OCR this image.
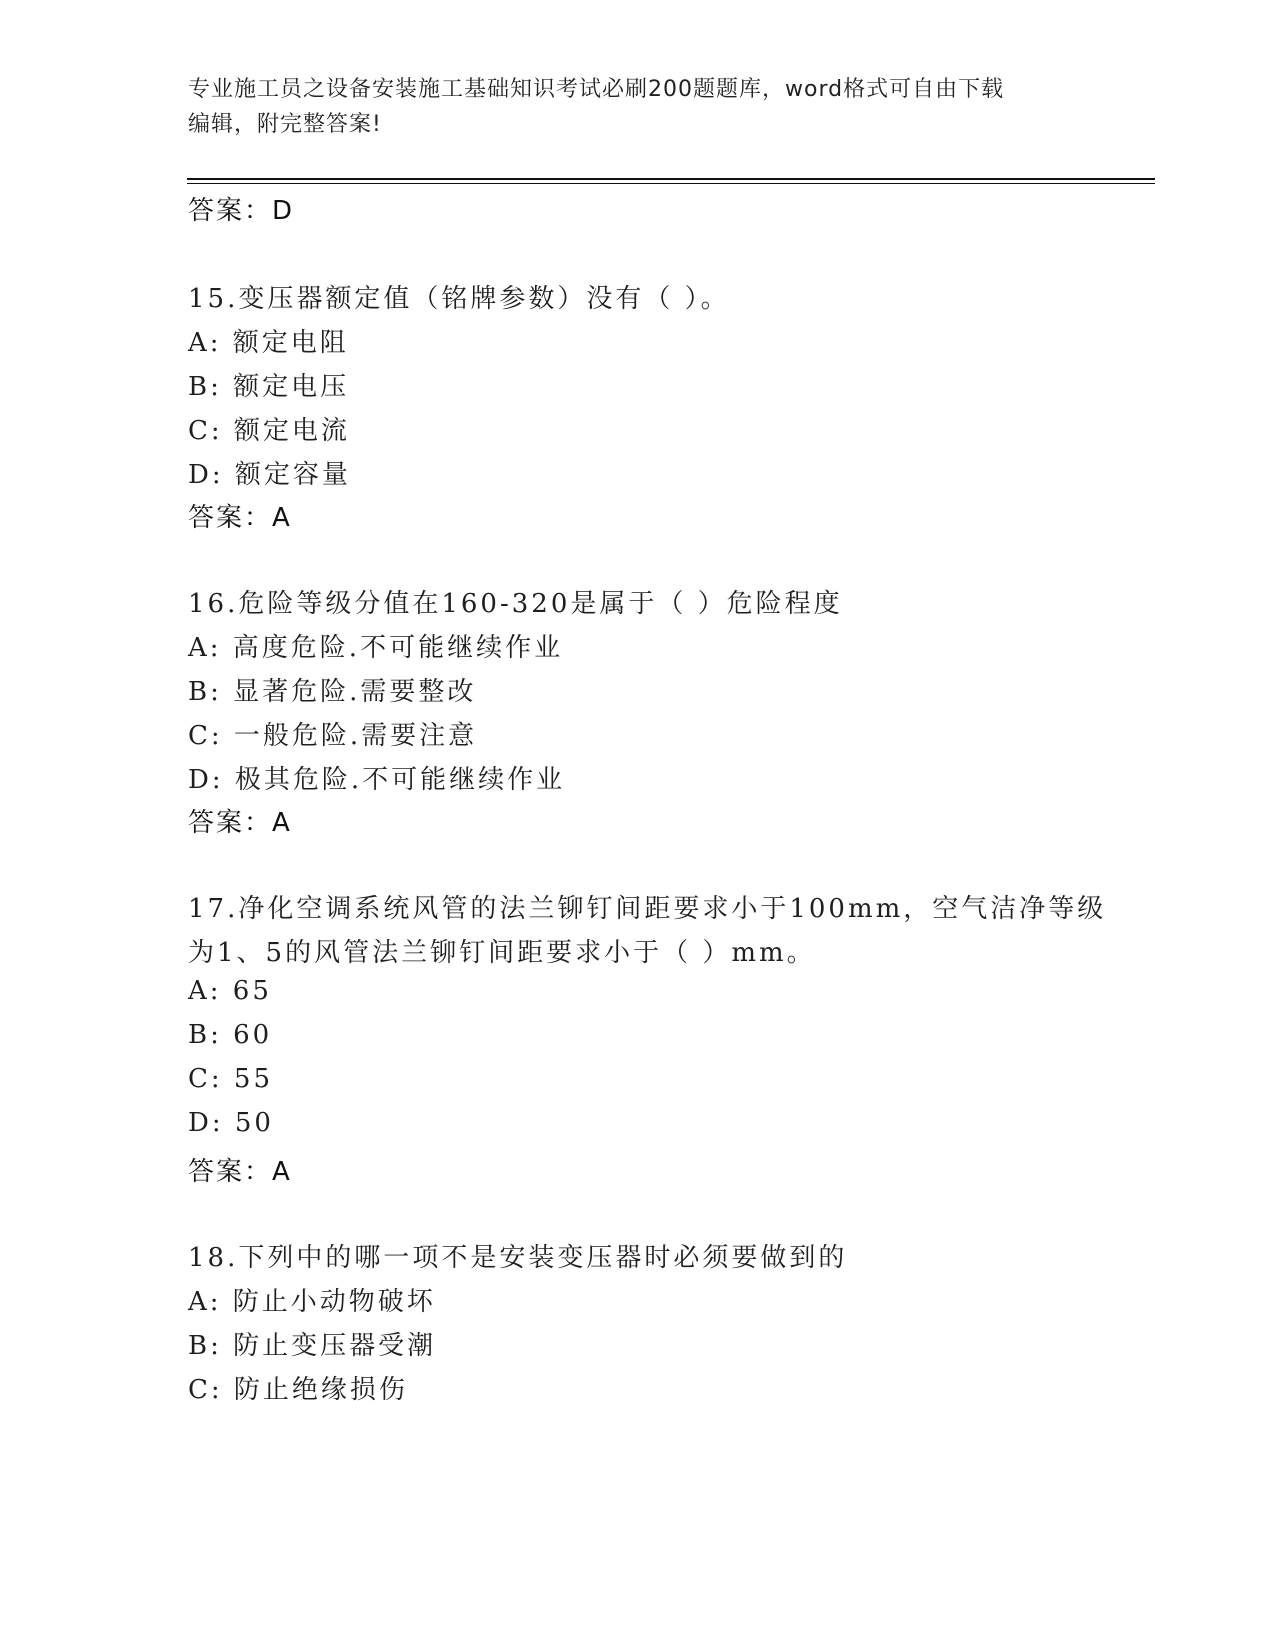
专业施工员之设备安装施工基础知识考试必刷200题题库，word格式可自由下载
编辑，附完整答案!
答案：D
15.变压器额定值（铭牌参数）没有（ ）。
A: 额定电阻
B: 额定电压
C: 额定电流
D: 额定容量
答案：A
16.危险等级分值在160-320是属于（ ）危险程度
A: 高度危险.不可能继续作业
B: 显著危险.需要整改
C: 一般危险.需要注意
D: 极其危险.不可能继续作业
答案：A
17.净化空调系统风管的法兰铆钉间距要求小于100mm，空气洁净等级
为1、5的风管法兰铆钉间距要求小于（ ）mm。
A: 65
B: 60
C: 55
D: 50
答案：A
18.下列中的哪一项不是安装变压器时必须要做到的
A: 防止小动物破坏
B: 防止变压器受潮
C: 防止绝缘损伤
